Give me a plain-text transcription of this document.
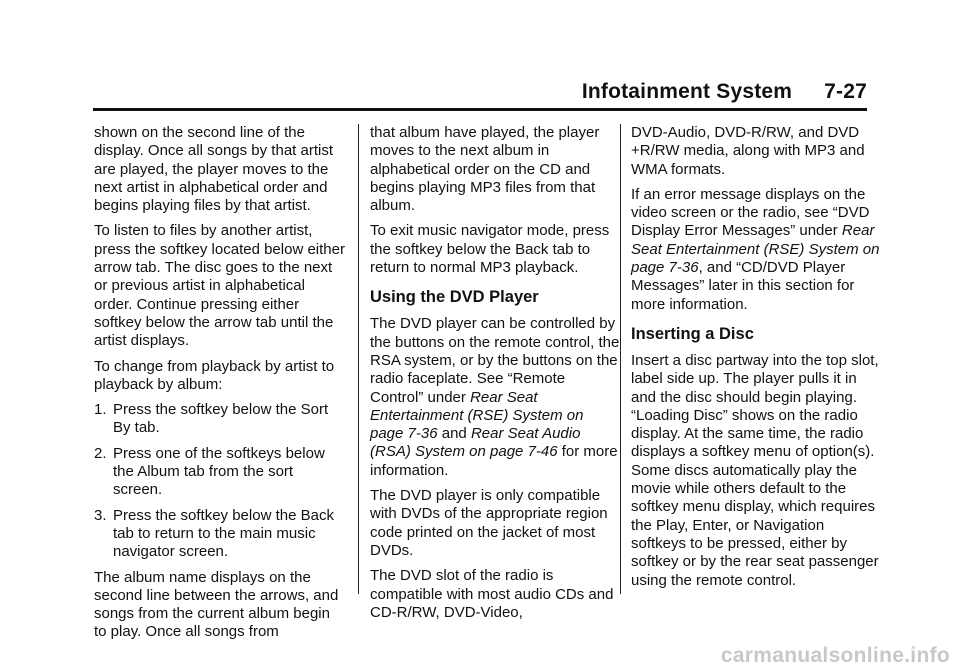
Infotainment System 7-27

shown on the second line of the display. Once all songs by that artist are played, the player moves to the next artist in alphabetical order and begins playing files by that artist.

To listen to files by another artist, press the softkey located below either arrow tab. The disc goes to the next or previous artist in alphabetical order. Continue pressing either softkey below the arrow tab until the artist displays.

To change from playback by artist to playback by album:

1. Press the softkey below the Sort By tab.
2. Press one of the softkeys below the Album tab from the sort screen.
3. Press the softkey below the Back tab to return to the main music navigator screen.

The album name displays on the second line between the arrows, and songs from the current album begin to play. Once all songs from

that album have played, the player moves to the next album in alphabetical order on the CD and begins playing MP3 files from that album.

To exit music navigator mode, press the softkey below the Back tab to return to normal MP3 playback.

Using the DVD Player

The DVD player can be controlled by the buttons on the remote control, the RSA system, or by the buttons on the radio faceplate. See “Remote Control” under Rear Seat Entertainment (RSE) System on page 7‑36 and Rear Seat Audio (RSA) System on page 7‑46 for more information.

The DVD player is only compatible with DVDs of the appropriate region code printed on the jacket of most DVDs.

The DVD slot of the radio is compatible with most audio CDs and CD-R/RW, DVD-Video,

DVD-Audio, DVD-R/RW, and DVD +R/RW media, along with MP3 and WMA formats.

If an error message displays on the video screen or the radio, see “DVD Display Error Messages” under Rear Seat Entertainment (RSE) System on page 7‑36, and “CD/DVD Player Messages” later in this section for more information.

Inserting a Disc

Insert a disc partway into the top slot, label side up. The player pulls it in and the disc should begin playing. “Loading Disc” shows on the radio display. At the same time, the radio displays a softkey menu of option(s). Some discs automatically play the movie while others default to the softkey menu display, which requires the Play, Enter, or Navigation softkeys to be pressed, either by softkey or by the rear seat passenger using the remote control.

carmanualsonline.info
